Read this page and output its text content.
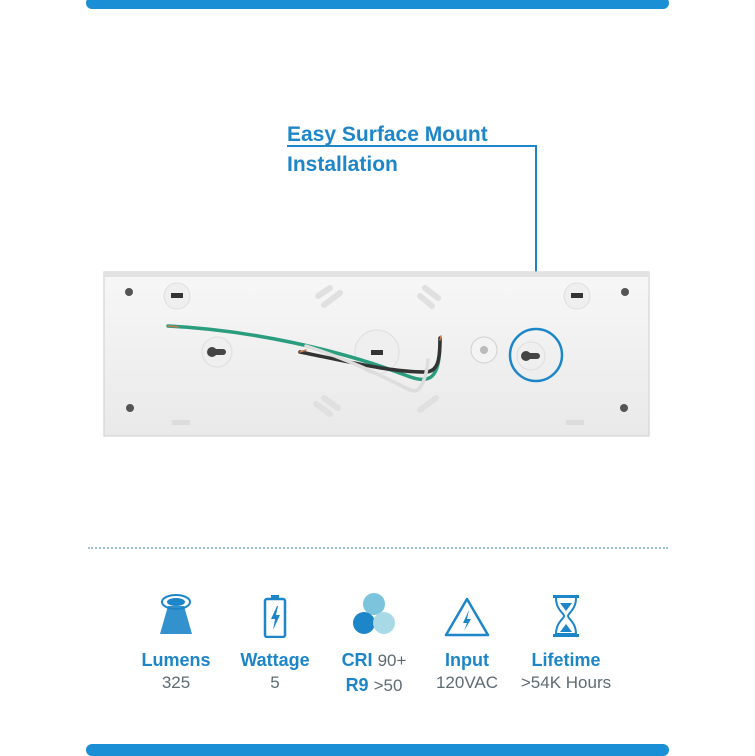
Easy Surface Mount
Installation
Lumens
325
Wattage
5
CRI 90+
R9 >50
Input
120VAC
Lifetime
>54K Hours
